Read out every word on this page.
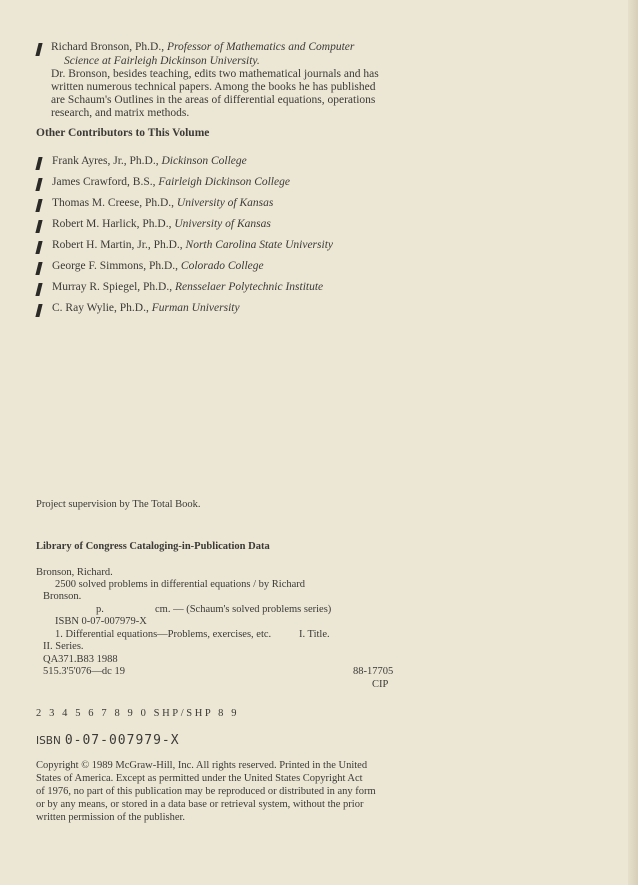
Richard Bronson, Ph.D., Professor of Mathematics and Computer
Science at Fairleigh Dickinson University.
Dr. Bronson, besides teaching, edits two mathematical journals and has
written numerous technical papers. Among the books he has published
are Schaum's Outlines in the areas of differential equations, operations
research, and matrix methods.
Other Contributors to This Volume
Frank Ayres, Jr., Ph.D., Dickinson College
James Crawford, B.S., Fairleigh Dickinson College
Thomas M. Creese, Ph.D., University of Kansas
Robert M. Harlick, Ph.D., University of Kansas
Robert H. Martin, Jr., Ph.D., North Carolina State University
George F. Simmons, Ph.D., Colorado College
Murray R. Spiegel, Ph.D., Rensselaer Polytechnic Institute
C. Ray Wylie, Ph.D., Furman University
Project supervision by The Total Book.
Library of Congress Cataloging-in-Publication Data
Bronson, Richard.
2500 solved problems in differential equations / by Richard
Bronson.
p.	cm. — (Schaum's solved problems series)
ISBN 0-07-007979-X
1. Differential equations—Problems, exercises, etc.	I. Title.
II. Series.
QA371.B83 1988
515.3'5'076—dc 19	88-17705
CIP
2 3 4 5 6 7 8 9 0 SHP/SHP 8 9
ISBN 0-07-007979-X
Copyright © 1989 McGraw-Hill, Inc. All rights reserved. Printed in the United
States of America. Except as permitted under the United States Copyright Act
of 1976, no part of this publication may be reproduced or distributed in any form
or by any means, or stored in a data base or retrieval system, without the prior
written permission of the publisher.
